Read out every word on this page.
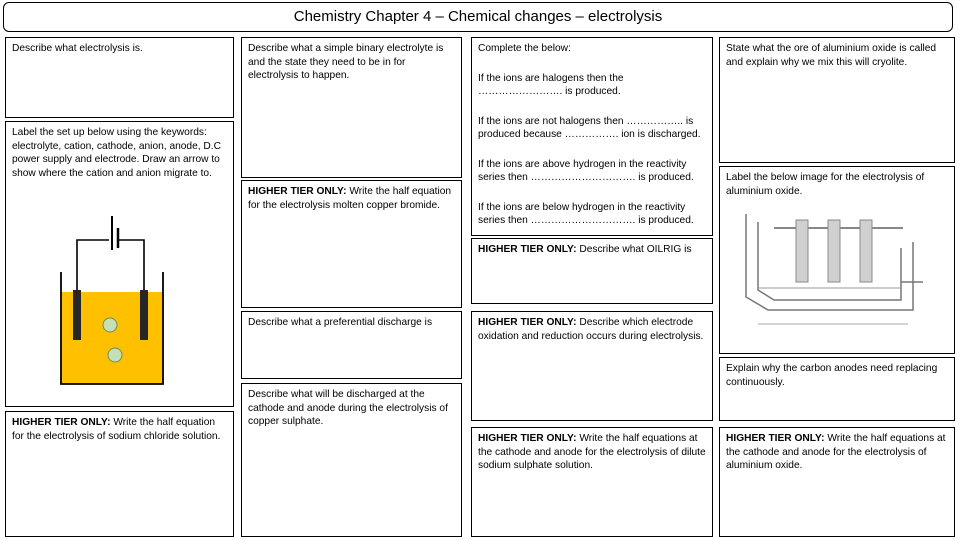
Chemistry Chapter 4 – Chemical changes – electrolysis
Describe what electrolysis is.
Label the set up below using the keywords: electrolyte, cation, cathode, anion, anode, D.C power supply and electrode. Draw an arrow to show where the cation and anion migrate to.
HIGHER TIER ONLY: Write the half equation for the electrolysis of sodium chloride solution.
Describe what a simple binary electrolyte is and the state they need to be in for electrolysis to happen.
HIGHER TIER ONLY: Write the half equation for the electrolysis molten copper bromide.
Describe what a preferential discharge is
Describe what will be discharged at the cathode and anode during the electrolysis of copper sulphate.
Complete the below:
If the ions are halogens then the ……………………. is produced.
If the ions are not halogens then …………….. is produced because ……………. ion is discharged.
If the ions are above hydrogen in the reactivity series then …………………………. is produced.
If the ions are below hydrogen in the reactivity series then …………………………. is produced.
HIGHER TIER ONLY: Describe what OILRIG is
HIGHER TIER ONLY: Describe which electrode oxidation and reduction occurs during electrolysis.
HIGHER TIER ONLY: Write the half equations at the cathode and anode for the electrolysis of dilute sodium sulphate solution.
State what the ore of aluminium oxide is called and explain why we mix this will cryolite.
Label the below image for the electrolysis of aluminium oxide.
Explain why the carbon anodes need replacing continuously.
HIGHER TIER ONLY: Write the half equations at the cathode and anode for the electrolysis of aluminium oxide.
